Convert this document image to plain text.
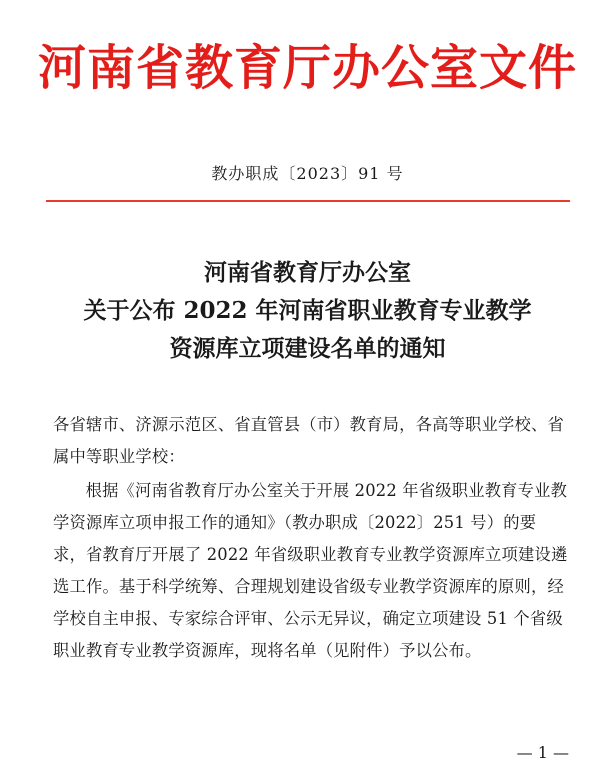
河南省教育厅办公室文件
教办职成〔2023〕91 号
河南省教育厅办公室
关于公布 2022 年河南省职业教育专业教学
资源库立项建设名单的通知

各省辖市、济源示范区、省直管县（市）教育局，各高等职业学校、省属中等职业学校：

根据《河南省教育厅办公室关于开展 2022 年省级职业教育专业教学资源库立项申报工作的通知》（教办职成〔2022〕251 号）的要求，省教育厅开展了 2022 年省级职业教育专业教学资源库立项建设遴选工作。基于科学统筹、合理规划建设省级专业教学资源库的原则，经学校自主申报、专家综合评审、公示无异议，确定立项建设 51 个省级职业教育专业教学资源库，现将名单（见附件）予以公布。

— 1 —
